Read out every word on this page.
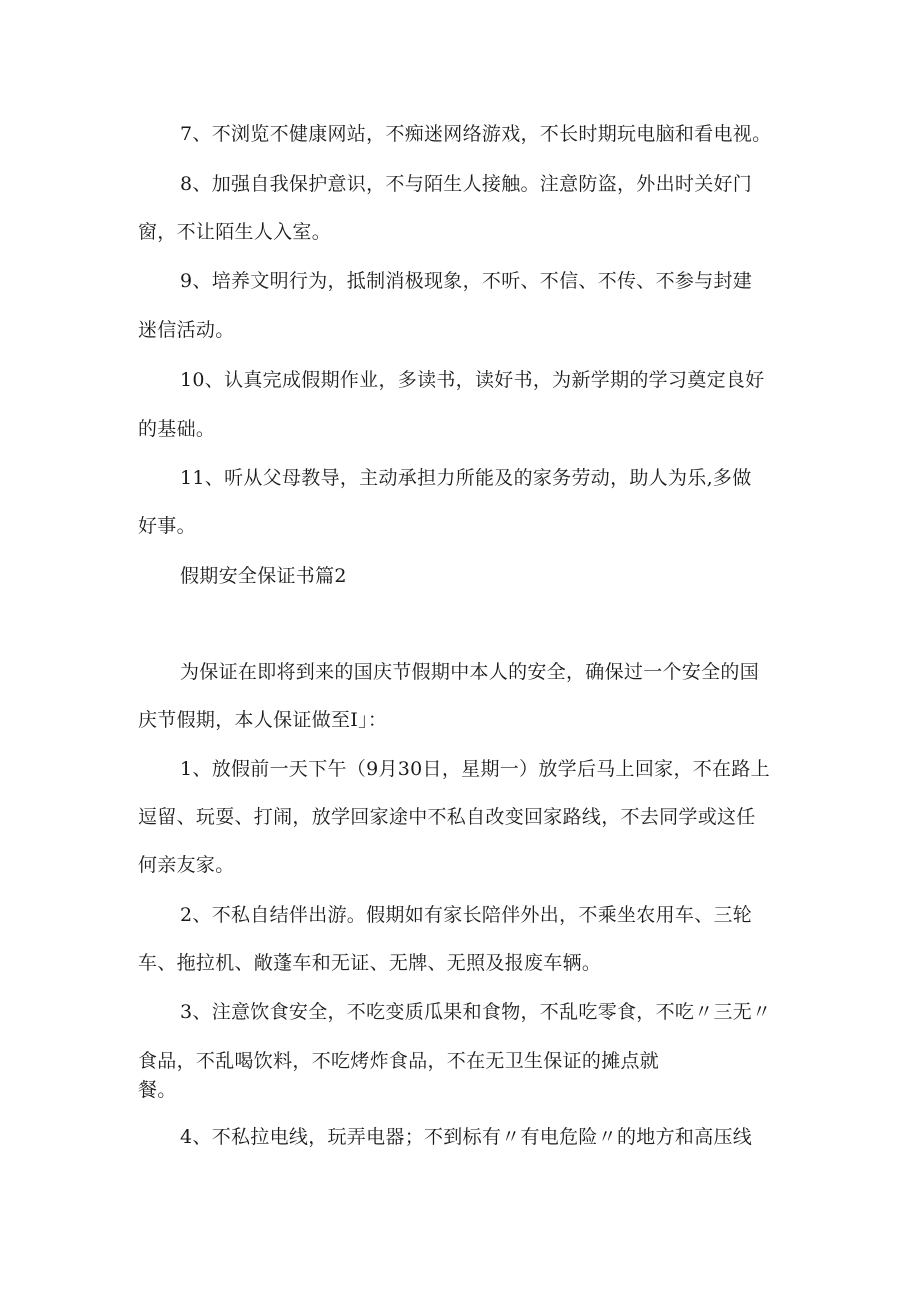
7、不浏览不健康网站，不痴迷网络游戏，不长时期玩电脑和看电视。
8、加强自我保护意识，不与陌生人接触。注意防盗，外出时关好门
窗，不让陌生人入室。
9、培养文明行为，抵制消极现象，不听、不信、不传、不参与封建
迷信活动。
10、认真完成假期作业，多读书，读好书，为新学期的学习奠定良好
的基础。
11、听从父母教导，主动承担力所能及的家务劳动，助人为乐,多做
好事。
假期安全保证书篇2
为保证在即将到来的国庆节假期中本人的安全，确保过一个安全的国
庆节假期，本人保证做至I」：
1、放假前一天下午（9月30日，星期一）放学后马上回家，不在路上
逗留、玩耍、打闹，放学回家途中不私自改变回家路线，不去同学或这任
何亲友家。
2、不私自结伴出游。假期如有家长陪伴外出，不乘坐农用车、三轮
车、拖拉机、敞蓬车和无证、无牌、无照及报废车辆。
3、注意饮食安全，不吃变质瓜果和食物，不乱吃零食，不吃〃三无〃
食品，不乱喝饮料，不吃烤炸食品，不在无卫生保证的摊点就
餐。
4、不私拉电线，玩弄电器；不到标有〃有电危险〃的地方和高压线
